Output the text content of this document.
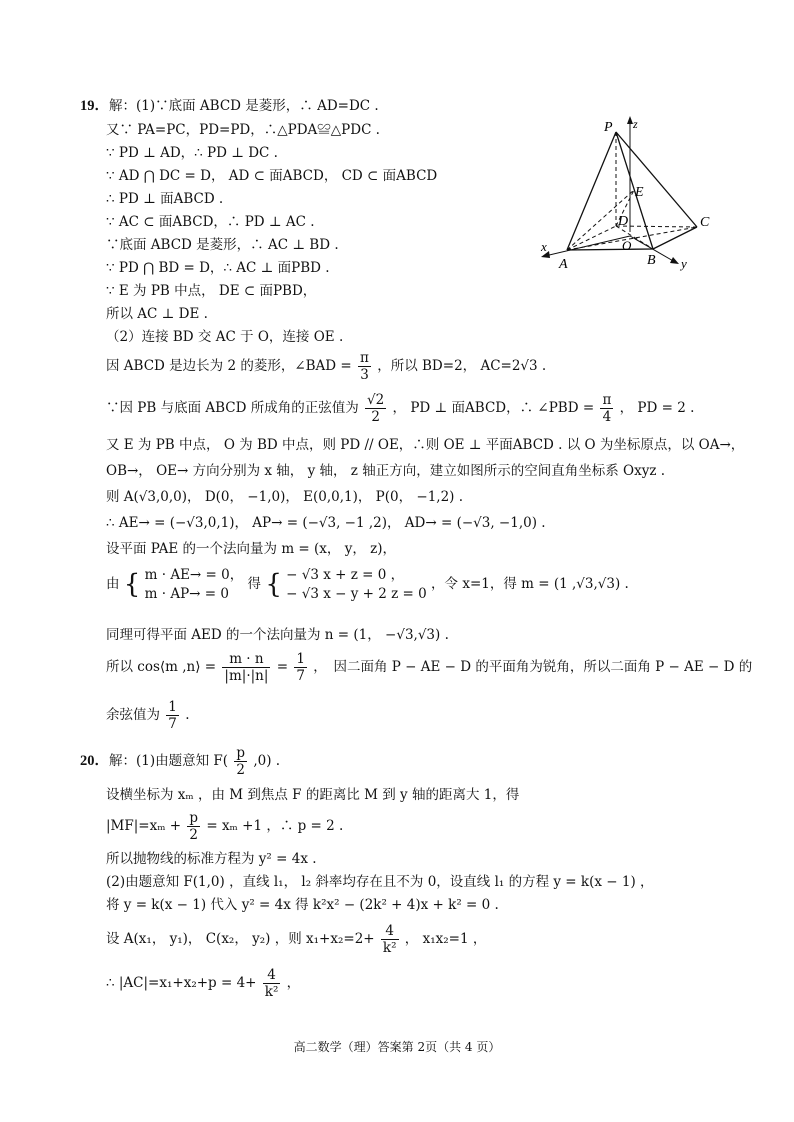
19．解：(1)∵底面 ABCD 是菱形，∴ AD=DC .
又∵ PA=PC，PD=PD，∴△PDA≌△PDC .
∵ PD ⊥ AD，∴ PD ⊥ DC .
∵ AD ⋂ DC = D， AD ⊂ 面ABCD， CD ⊂ 面ABCD
∴ PD ⊥ 面ABCD .
∵ AC ⊂ 面ABCD，∴ PD ⊥ AC .
∵底面 ABCD 是菱形，∴ AC ⊥ BD .
∵ PD ⋂ BD = D，∴ AC ⊥ 面PBD .
∵ E 为 PB 中点， DE ⊂ 面PBD，
所以 AC ⊥ DE .
（2）连接 BD 交 AC 于 O，连接 OE .
因 ABCD 是边长为 2 的菱形，∠BAD = $\frac{\pi}{3}$ ，所以 BD=2， AC=2√3 .
∵因 PB 与底面 ABCD 所成角的正弦值为 $\frac{√2}{2}$ ， PD ⊥ 面ABCD，∴ ∠PBD = $\frac{\pi}{4}$ ， PD = 2 .
又 E 为 PB 中点， O 为 BD 中点，则 PD // OE，∴则 OE ⊥ 平面ABCD . 以 O 为坐标原点，以 OA→，
OB→， OE→ 方向分别为 x 轴， y 轴， z 轴正方向，建立如图所示的空间直角坐标系 Oxyz .
则 A(√3,0,0)， D(0， −1,0)， E(0,0,1)， P(0， −1,2) .
∴ AE→ = (−√3,0,1)， AP→ = (−√3, −1 ,2)， AD→ = (−√3, −1,0) .
设平面 PAE 的一个法向量为 m = (x， y， z)，
由 { m · AE→ = 0，
m · AP→ = 0
得 { − √3 x + z = 0 ，
− √3 x − y + 2 z = 0
，令 x=1，得 m = (1 ,√3,√3) .
同理可得平面 AED 的一个法向量为 n = (1， −√3,√3) .
所以 cos⟨m ,n⟩ = $\frac{m \cdot n}{|m|\cdot|n|} = \frac{1}{7}$ ，　因二面角 P − AE − D 的平面角为锐角，所以二面角 P − AE − D 的
余弦值为 $\frac{1}{7}$ .
20．解：(1)由题意知 $F( \frac{p}{2} ,0)$ .
设横坐标为 xₘ ，由 M 到焦点 F 的距离比 M 到 y 轴的距离大 1，得
$|MF|=x_m + \frac{p}{2} = x_m +1$ ，∴ p = 2 .
所以抛物线的标准方程为 y² = 4x .
(2)由题意知 F(1,0) ，直线 l₁， l₂ 斜率均存在且不为 0，设直线 l₁ 的方程 y = k(x − 1) ，
将 y = k(x − 1) 代入 y² = 4x 得 k²x² − (2k² + 4)x + k² = 0 .
设 A(x₁， y₁)， C(x₂， y₂) ，则 $x_1+x_2=2+ \frac{4}{\text{k²}}$ ， x₁x₂=1 ，
∴ $|AC|=x_1+x_2+p = 4+ \frac{4}{\text{k²}}$ ，
P z
E
D	C
x
A
O
B y
高二数学（理）答案第 2页（共 4 页）
